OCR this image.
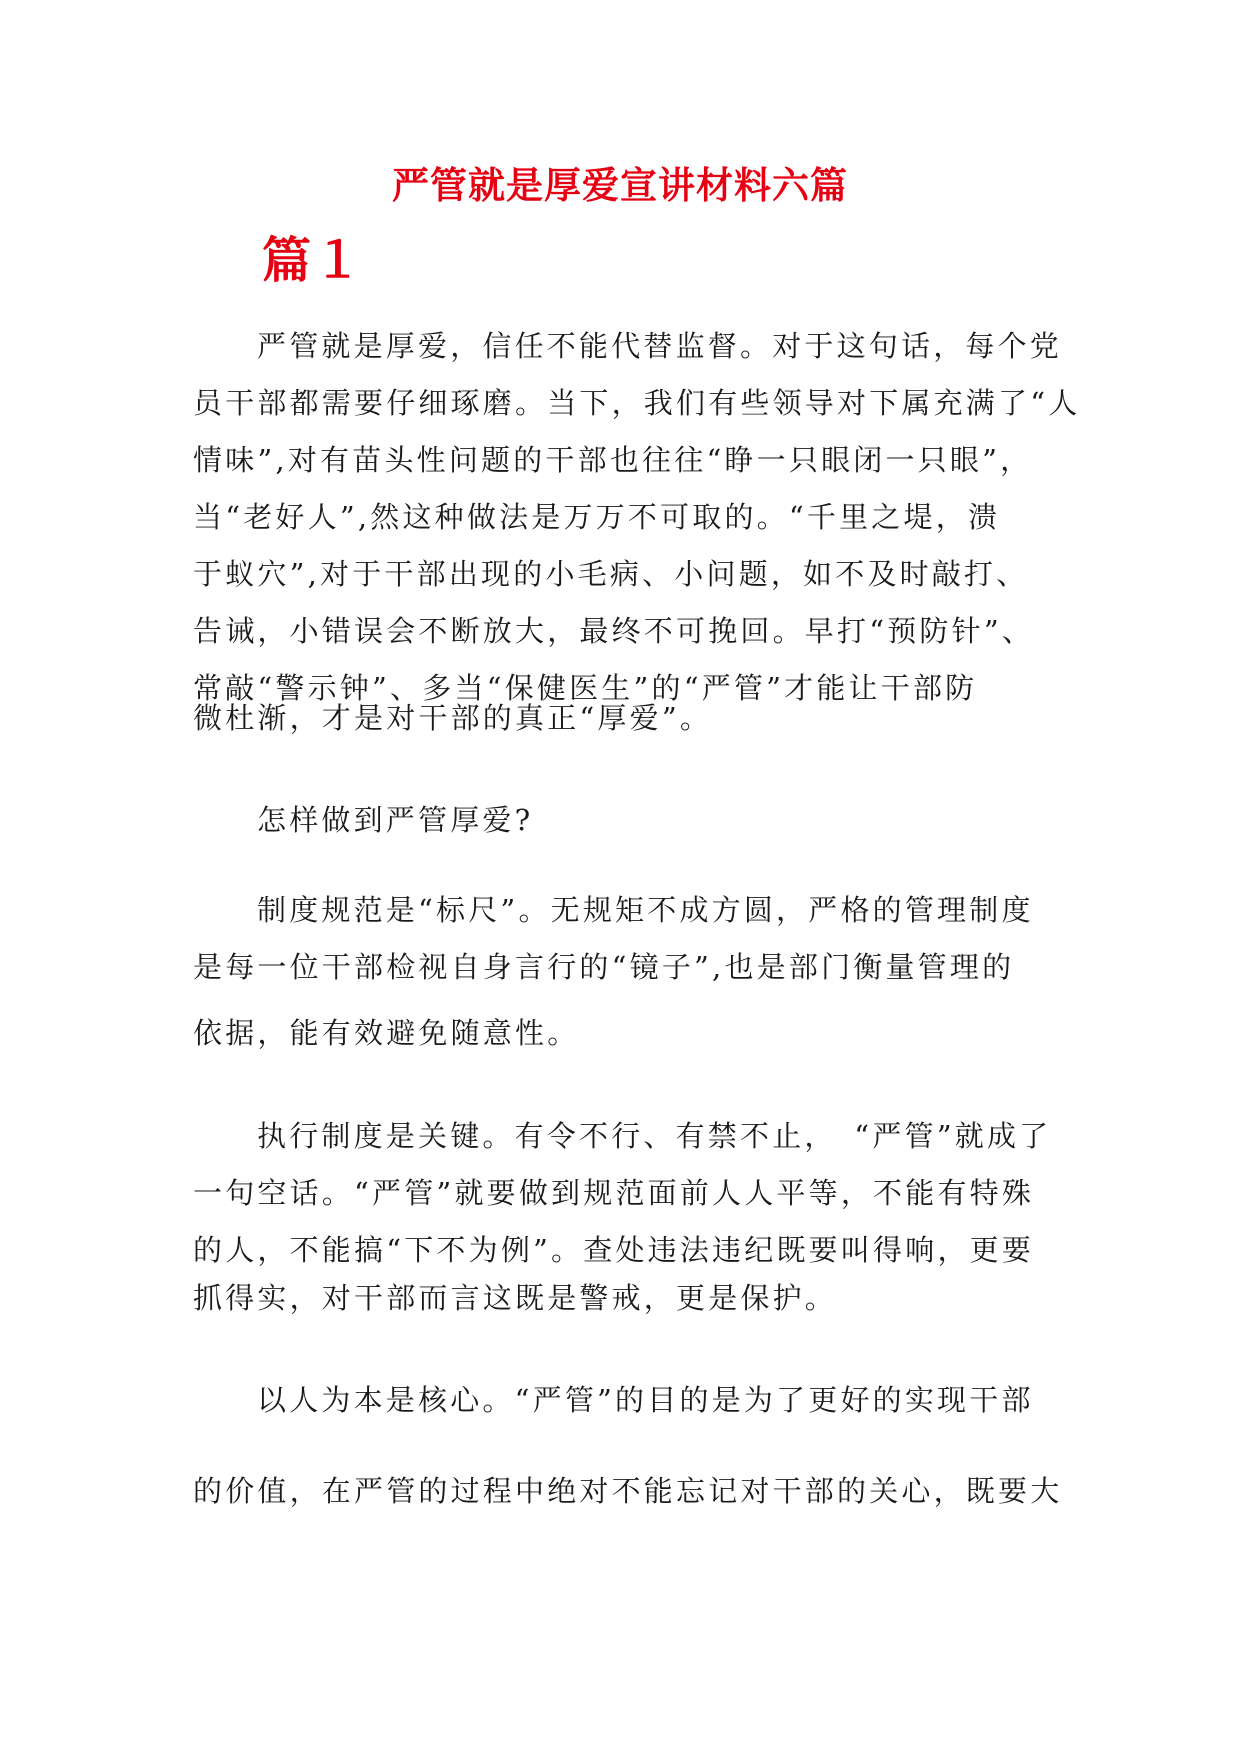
严管就是厚爱宣讲材料六篇
篇１
严管就是厚爱，信任不能代替监督。对于这句话，每个党
员干部都需要仔细琢磨。当下，我们有些领导对下属充满了“人
情味”,对有苗头性问题的干部也往往“睁一只眼闭一只眼”，
当“老好人”,然这种做法是万万不可取的。“千里之堤，溃
于蚁穴”,对于干部出现的小毛病、小问题，如不及时敲打、
告诫，小错误会不断放大，最终不可挽回。早打“预防针”、
常敲“警示钟”、多当“保健医生”的“严管”才能让干部防
微杜渐，才是对干部的真正“厚爱”。
怎样做到严管厚爱?
制度规范是“标尺”。无规矩不成方圆，严格的管理制度
是每一位干部检视自身言行的“镜子”,也是部门衡量管理的
依据，能有效避免随意性。
执行制度是关键。有令不行、有禁不止，　“严管”就成了
一句空话。“严管”就要做到规范面前人人平等，不能有特殊
的人，不能搞“下不为例”。查处违法违纪既要叫得响，更要
抓得实，对干部而言这既是警戒，更是保护。
以人为本是核心。“严管”的目的是为了更好的实现干部
的价值，在严管的过程中绝对不能忘记对干部的关心，既要大
